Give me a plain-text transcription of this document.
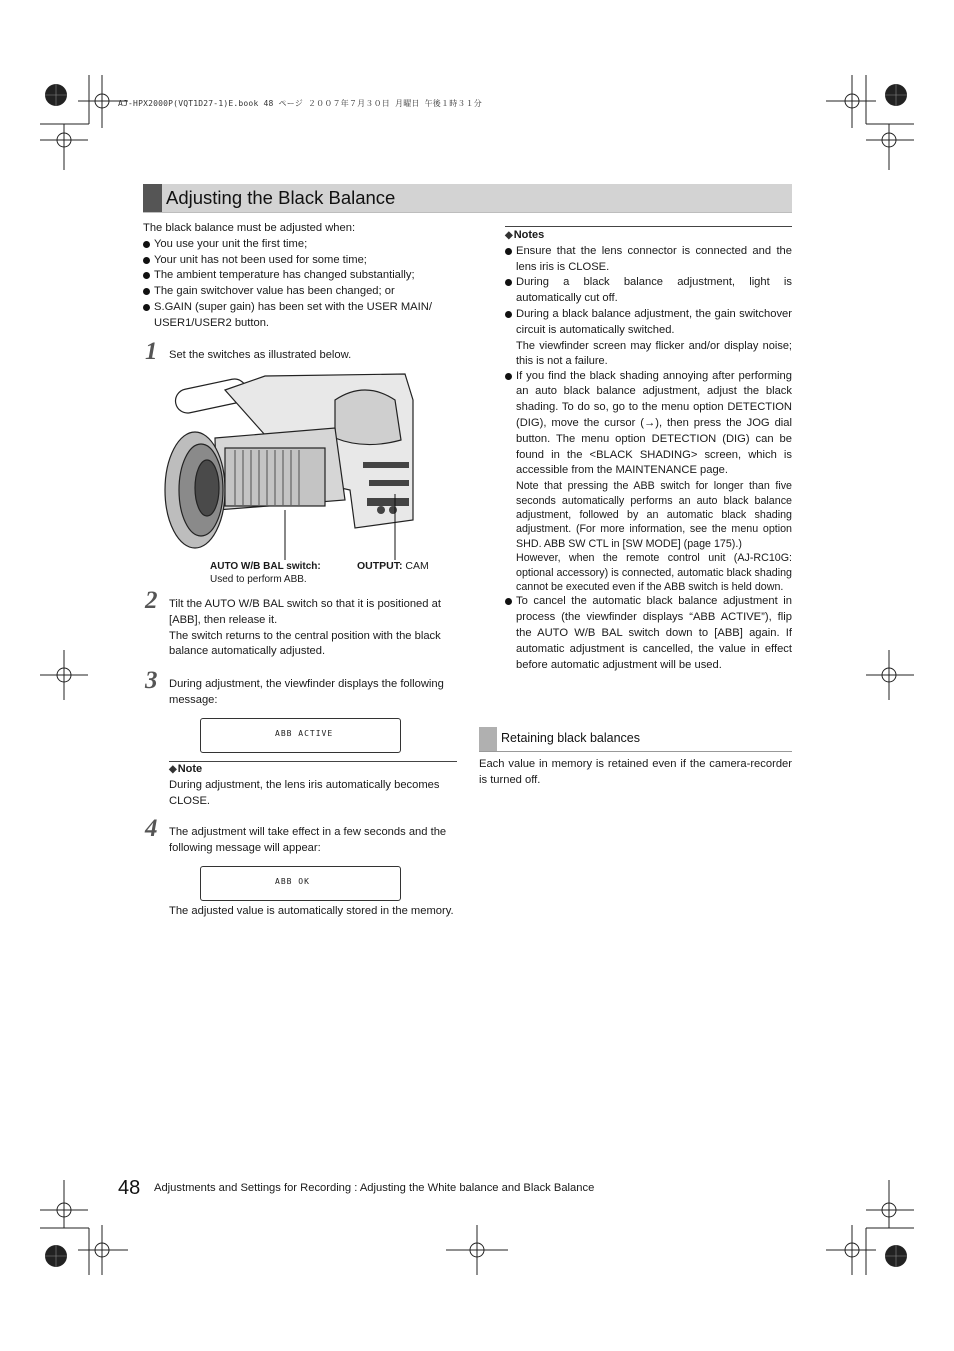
AJ-HPX2000P(VQT1D27-1)E.book 48 ページ ２００７年７月３０日 月曜日 午後１時３１分
Adjusting the Black Balance
The black balance must be adjusted when:
You use your unit the first time;
Your unit has not been used for some time;
The ambient temperature has changed substantially;
The gain switchover value has been changed; or
S.GAIN (super gain) has been set with the USER MAIN/ USER1/USER2 button.
1 Set the switches as illustrated below.
AUTO W/B BAL switch:
Used to perform ABB.
OUTPUT: CAM
2 Tilt the AUTO W/B BAL switch so that it is positioned at [ABB], then release it.
The switch returns to the central position with the black balance automatically adjusted.
3 During adjustment, the viewfinder displays the following message:
ABB ACTIVE
◆Note
During adjustment, the lens iris automatically becomes CLOSE.
4 The adjustment will take effect in a few seconds and the following message will appear:
ABB OK
The adjusted value is automatically stored in the memory.
◆Notes
Ensure that the lens connector is connected and the lens iris is CLOSE.
During a black balance adjustment, light is automatically cut off.
During a black balance adjustment, the gain switchover circuit is automatically switched.

The viewfinder screen may flicker and/or display noise; this is not a failure.

If you find the black shading annoying after performing an auto black balance adjustment, adjust the black shading. To do so, go to the menu option DETECTION (DIG), move the cursor (→), then press the JOG dial button. The menu option DETECTION (DIG) can be found in the <BLACK SHADING> screen, which is accessible from the MAINTENANCE page.

Note that pressing the ABB switch for longer than five seconds automatically performs an auto black balance adjustment, followed by an automatic black shading adjustment. (For more information, see the menu option SHD. ABB SW CTL in [SW MODE] (page 175).)

However, when the remote control unit (AJ-RC10G: optional accessory) is connected, automatic black shading cannot be executed even if the ABB switch is held down.

To cancel the automatic black balance adjustment in process (the viewfinder displays “ABB ACTIVE”), flip the AUTO W/B BAL switch down to [ABB] again. If automatic adjustment is cancelled, the value in effect before automatic adjustment will be used.
Retaining black balances
Each value in memory is retained even if the camera-recorder is turned off.
48 Adjustments and Settings for Recording : Adjusting the White balance and Black Balance
